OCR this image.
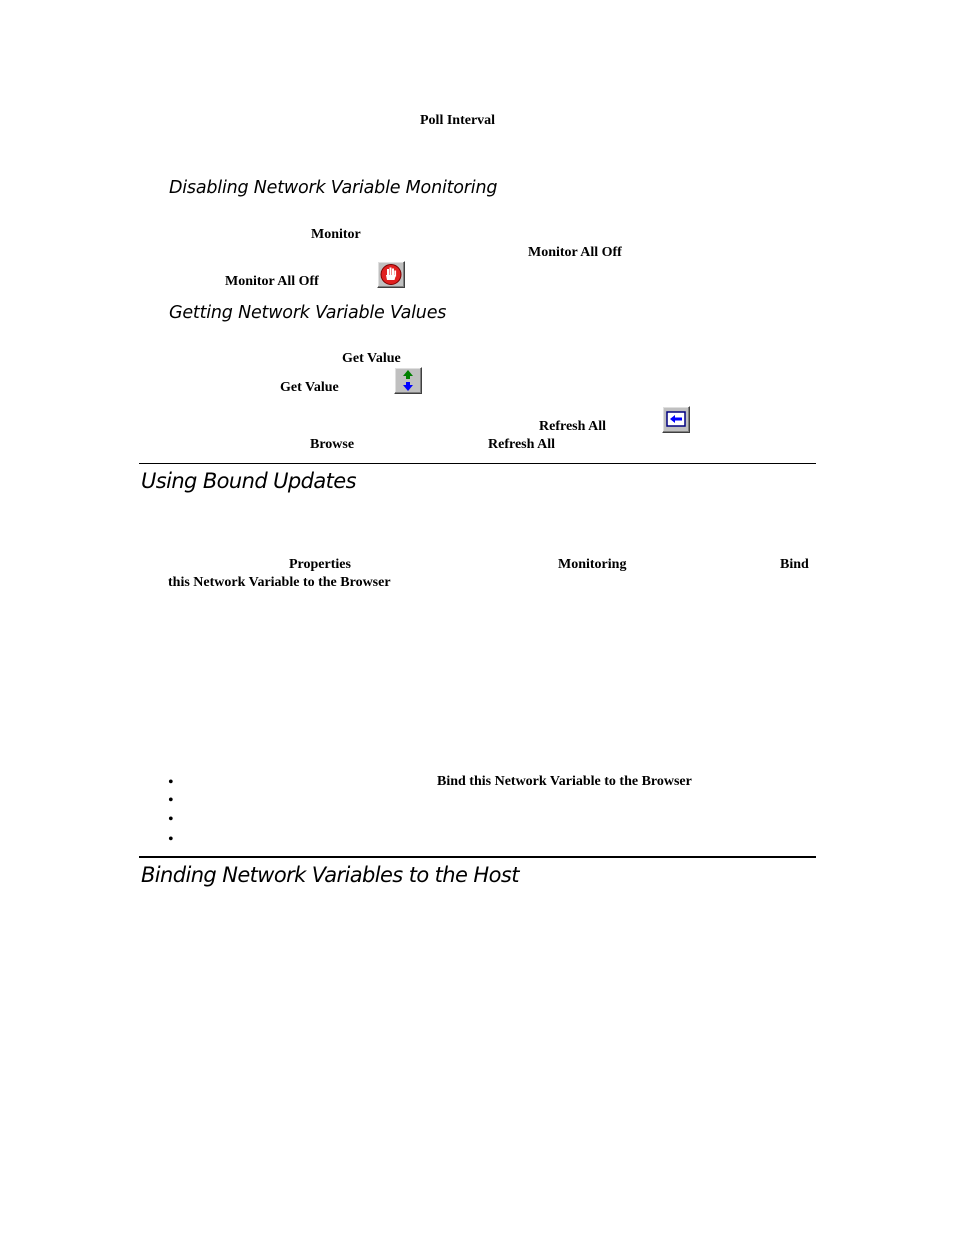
Poll Interval
Disabling Network Variable Monitoring
Monitor
Monitor All Off
Monitor All Off
Getting Network Variable Values
Get Value
Get Value
Refresh All
Browse	Refresh All
Using Bound Updates
Properties	Monitoring	Bind
this Network Variable to the Browser
•	Bind this Network Variable to the Browser
•
•
•
Binding Network Variables to the Host
